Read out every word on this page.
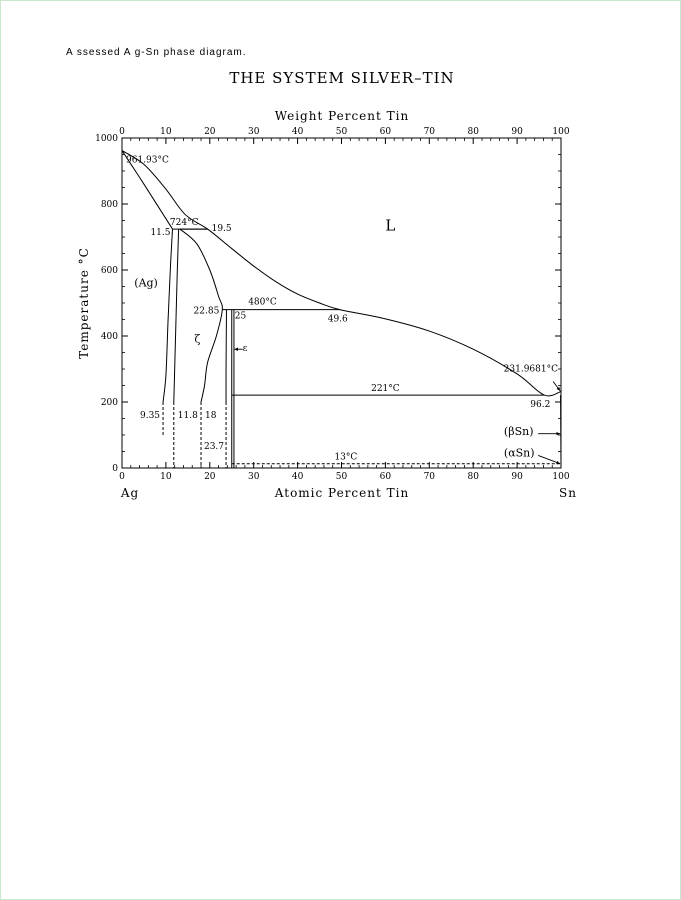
A ssessed A g-Sn phase diagram.
THE SYSTEM SILVER–TIN
Weight Percent Tin
Atomic Percent Tin
Temperature °C
Ag	Sn
0
0
10
10
20
20
30
30
40
40
50
50
60
60
70
70
80
80
90
90
100
100
0
200
400
600
800
1000
961.93°C
724°C
11.5	19.5
480°C
22.85 25	49.6
231.9681°C
221°C
96.2
9.35 11.8 18
23.7
13°C
L
(Ag)
ζ
ε
(βSn)
(αSn)
